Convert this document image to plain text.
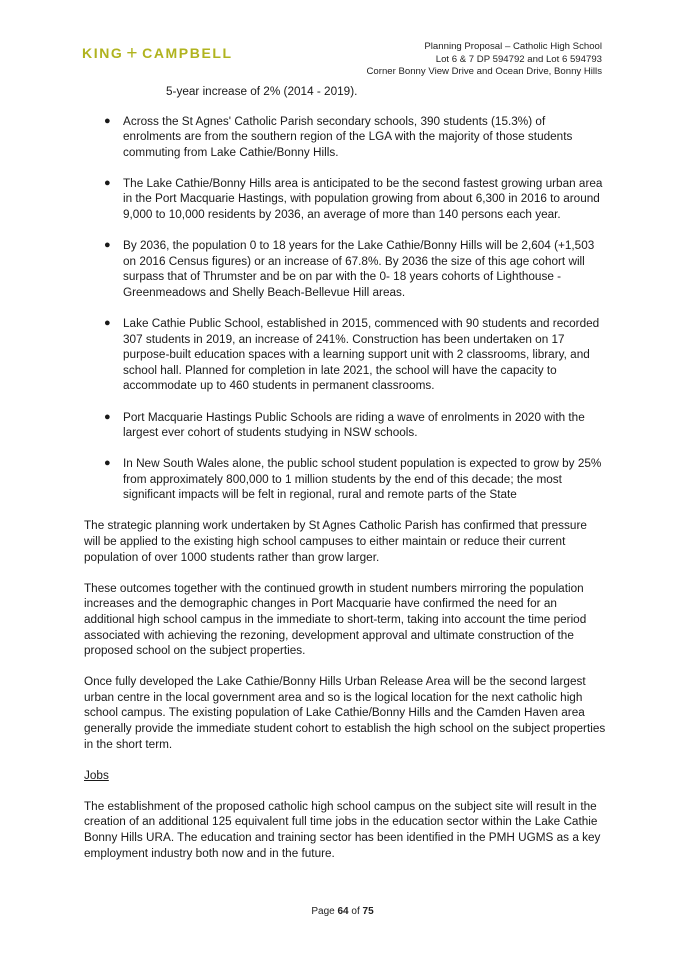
KING + CAMPBELL	Planning Proposal – Catholic High School
Lot 6 & 7 DP 594792 and Lot 6 594793
Corner Bonny View Drive and Ocean Drive, Bonny Hills
5-year increase of 2% (2014 - 2019).
● Across the St Agnes' Catholic Parish secondary schools, 390 students (15.3%) of enrolments are from the southern region of the LGA with the majority of those students commuting from Lake Cathie/Bonny Hills.
● The Lake Cathie/Bonny Hills area is anticipated to be the second fastest growing urban area in the Port Macquarie Hastings, with population growing from about 6,300 in 2016 to around 9,000 to 10,000 residents by 2036, an average of more than 140 persons each year.
● By 2036, the population 0 to 18 years for the Lake Cathie/Bonny Hills will be 2,604 (+1,503 on 2016 Census figures) or an increase of 67.8%. By 2036 the size of this age cohort will surpass that of Thrumster and be on par with the 0- 18 years cohorts of Lighthouse -Greenmeadows and Shelly Beach-Bellevue Hill areas.
● Lake Cathie Public School, established in 2015, commenced with 90 students and recorded 307 students in 2019, an increase of 241%. Construction has been undertaken on 17 purpose-built education spaces with a learning support unit with 2 classrooms, library, and school hall. Planned for completion in late 2021, the school will have the capacity to accommodate up to 460 students in permanent classrooms.
● Port Macquarie Hastings Public Schools are riding a wave of enrolments in 2020 with the largest ever cohort of students studying in NSW schools.
● In New South Wales alone, the public school student population is expected to grow by 25% from approximately 800,000 to 1 million students by the end of this decade; the most significant impacts will be felt in regional, rural and remote parts of the State

The strategic planning work undertaken by St Agnes Catholic Parish has confirmed that pressure will be applied to the existing high school campuses to either maintain or reduce their current population of over 1000 students rather than grow larger.

These outcomes together with the continued growth in student numbers mirroring the population increases and the demographic changes in Port Macquarie have confirmed the need for an additional high school campus in the immediate to short-term, taking into account the time period associated with achieving the rezoning, development approval and ultimate construction of the proposed school on the subject properties.

Once fully developed the Lake Cathie/Bonny Hills Urban Release Area will be the second largest urban centre in the local government area and so is the logical location for the next catholic high school campus. The existing population of Lake Cathie/Bonny Hills and the Camden Haven area generally provide the immediate student cohort to establish the high school on the subject properties in the short term.

Jobs

The establishment of the proposed catholic high school campus on the subject site will result in the creation of an additional 125 equivalent full time jobs in the education sector within the Lake Cathie Bonny Hills URA. The education and training sector has been identified in the PMH UGMS as a key employment industry both now and in the future.

Page 64 of 75
